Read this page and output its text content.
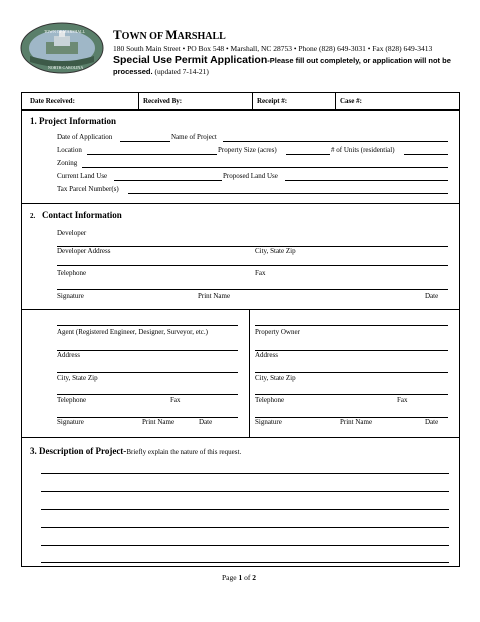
TOWN OF MARSHALL
NORTH CAROLINA
TOWN OF MARSHALL
180 South Main Street • PO Box 548 • Marshall, NC 28753 • Phone (828) 649-3031 • Fax (828) 649-3413
Special Use Permit Application-Please fill out completely, or application will not be
processed. (updated 7-14-21)
Date Received:	Received By:	Receipt #:	Case #:
1. Project Information
Date of Application	Name of Project
Location	Property Size (acres)	# of Units (residential)
Zoning
Current Land Use	Proposed Land Use
Tax Parcel Number(s)
2. Contact Information
Developer
Developer Address	City, State Zip
Telephone	Fax
Signature	Print Name	Date
Agent (Registered Engineer, Designer, Surveyor, etc.)
Address
City, State Zip
Telephone	Fax
Signature	Print Name	Date
Property Owner
Address
City, State Zip
Telephone	Fax
Signature	Print Name	Date
3. Description of Project-Briefly explain the nature of this request.
Page 1 of 2
